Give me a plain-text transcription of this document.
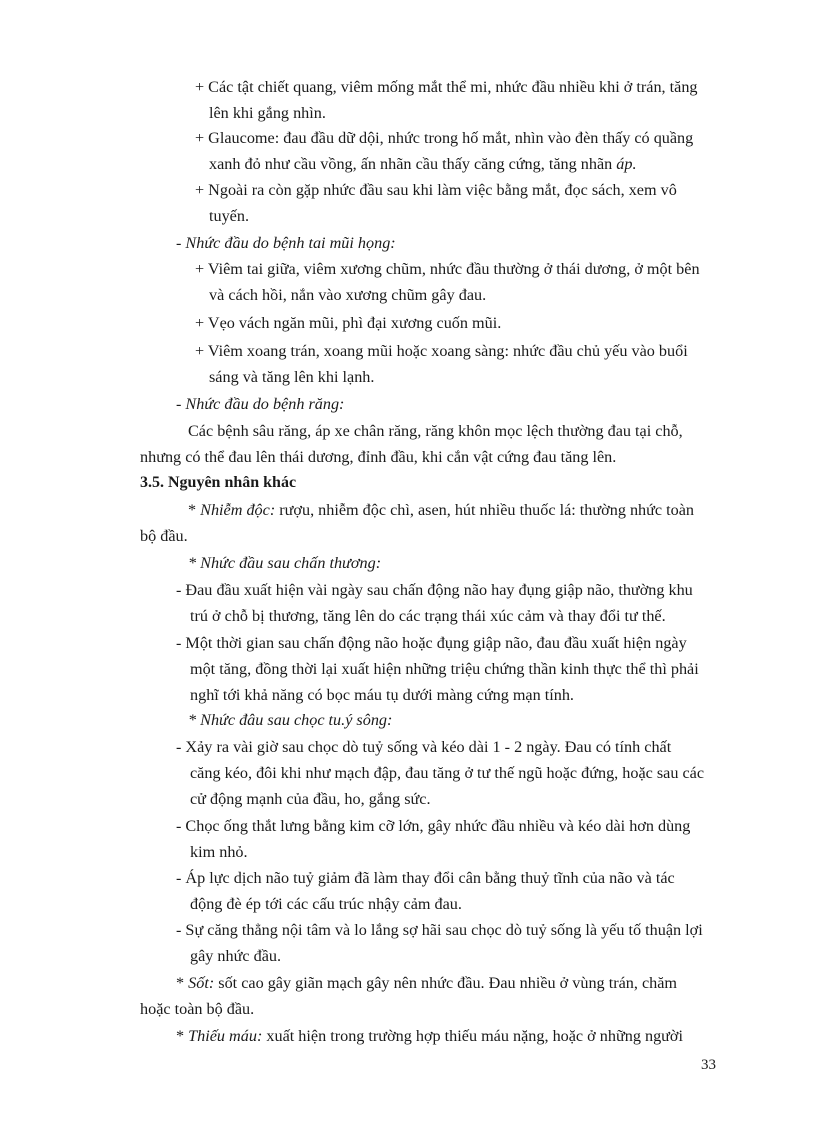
+ Các tật chiết quang, viêm mống mắt thể mi, nhức đầu nhiều khi ở trán, tăng

lên khi gắng nhìn.

+ Glaucome: đau đầu dữ dội, nhức trong hố mắt, nhìn vào đèn thấy có quầng

xanh đỏ như cầu vồng, ấn nhãn cầu thấy căng cứng, tăng nhãn áp.

+ Ngoài ra còn gặp nhức đầu sau khi làm việc bằng mắt, đọc sách, xem vô

tuyến.

- Nhức đầu do bệnh tai mũi họng:

+ Viêm tai giữa, viêm xương chũm, nhức đầu thường ở thái dương, ở một bên

và cách hồi, nắn vào xương chũm gây đau.

+ Vẹo vách ngăn mũi, phì đại xương cuốn mũi.

+ Viêm xoang trán, xoang mũi hoặc xoang sàng: nhức đầu chủ yếu vào buổi

sáng và tăng lên khi lạnh.

- Nhức đầu do bệnh răng:

Các bệnh sâu răng, áp xe chân răng, răng khôn mọc lệch thường đau tại chỗ,

nhưng có thể đau lên thái dương, đỉnh đầu, khi cắn vật cứng đau tăng lên.

3.5. Nguyên nhân khác

* Nhiễm độc: rượu, nhiễm độc chì, asen, hút nhiều thuốc lá: thường nhức toàn

bộ đầu.

* Nhức đầu sau chấn thương:

- Đau đầu xuất hiện vài ngày sau chấn động não hay đụng giập não, thường khu

trú ở chỗ bị thương, tăng lên do các trạng thái xúc cảm và thay đổi tư thế.

- Một thời gian sau chấn động não hoặc đụng giập não, đau đầu xuất hiện ngày

một tăng, đồng thời lại xuất hiện những triệu chứng thần kinh thực thể thì phải

nghĩ tới khả năng có bọc máu tụ dưới màng cứng mạn tính.

* Nhức đâu sau chọc tu.ý sông:

- Xảy ra vài giờ sau chọc dò tuỷ sống và kéo dài 1 - 2 ngày. Đau có tính chất

căng kéo, đôi khi như mạch đập, đau tăng ở tư thế ngũ hoặc đứng, hoặc sau các

cử động mạnh của đầu, ho, gắng sức.

- Chọc ống thắt lưng bằng kim cỡ lớn, gây nhức đầu nhiều và kéo dài hơn dùng

kim nhỏ.

- Áp lực dịch não tuỷ giảm đã làm thay đổi cân bằng thuỷ tĩnh của não và tác

động đè ép tới các cấu trúc nhậy cảm đau.

- Sự căng thẳng nội tâm và lo lắng sợ hãi sau chọc dò tuỷ sống là yếu tố thuận lợi

gây nhức đầu.

* Sốt: sốt cao gây giãn mạch gây nên nhức đầu. Đau nhiều ở vùng trán, chăm

hoặc toàn bộ đầu.

* Thiếu máu: xuất hiện trong trường hợp thiếu máu nặng, hoặc ở những người

33
